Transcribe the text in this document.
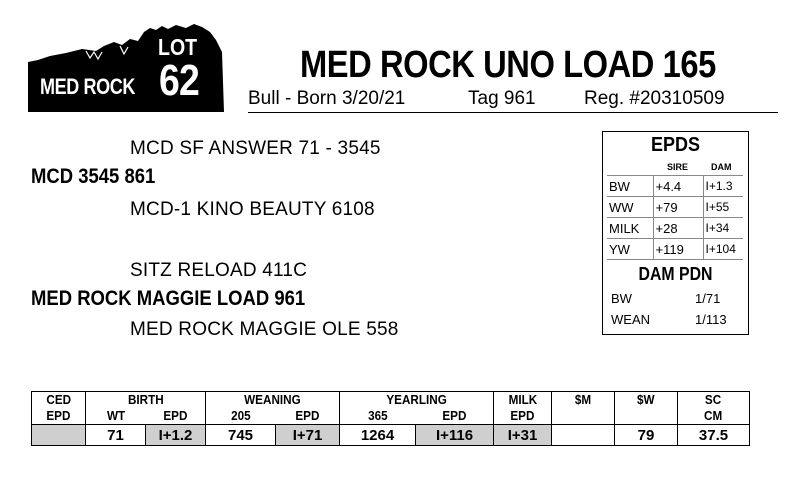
MED ROCK
LOT
62	MED ROCK UNO LOAD 165
Bull - Born 3/20/21	Tag 961	Reg. #20310509
MCD SF ANSWER 71 - 3545
MCD 3545 861
MCD-1 KINO BEAUTY 6108
SITZ RELOAD 411C
MED ROCK MAGGIE LOAD 961
MED ROCK MAGGIE OLE 558
EPDS
SIRE	DAM
BW	+4.4	I+1.3
WW	+79	I+55
MILK	+28	I+34
YW	+119	I+104
DAM PDN
BW	1/71
WEAN	1/113
CED	BIRTH		WEANING		YEARLING		MILK	$M	$W	SC
EPD	WT	EPD	205	EPD	365	EPD	EPD			CM
	71	I+1.2	745	I+71	1264	I+116	I+31		79	37.5
